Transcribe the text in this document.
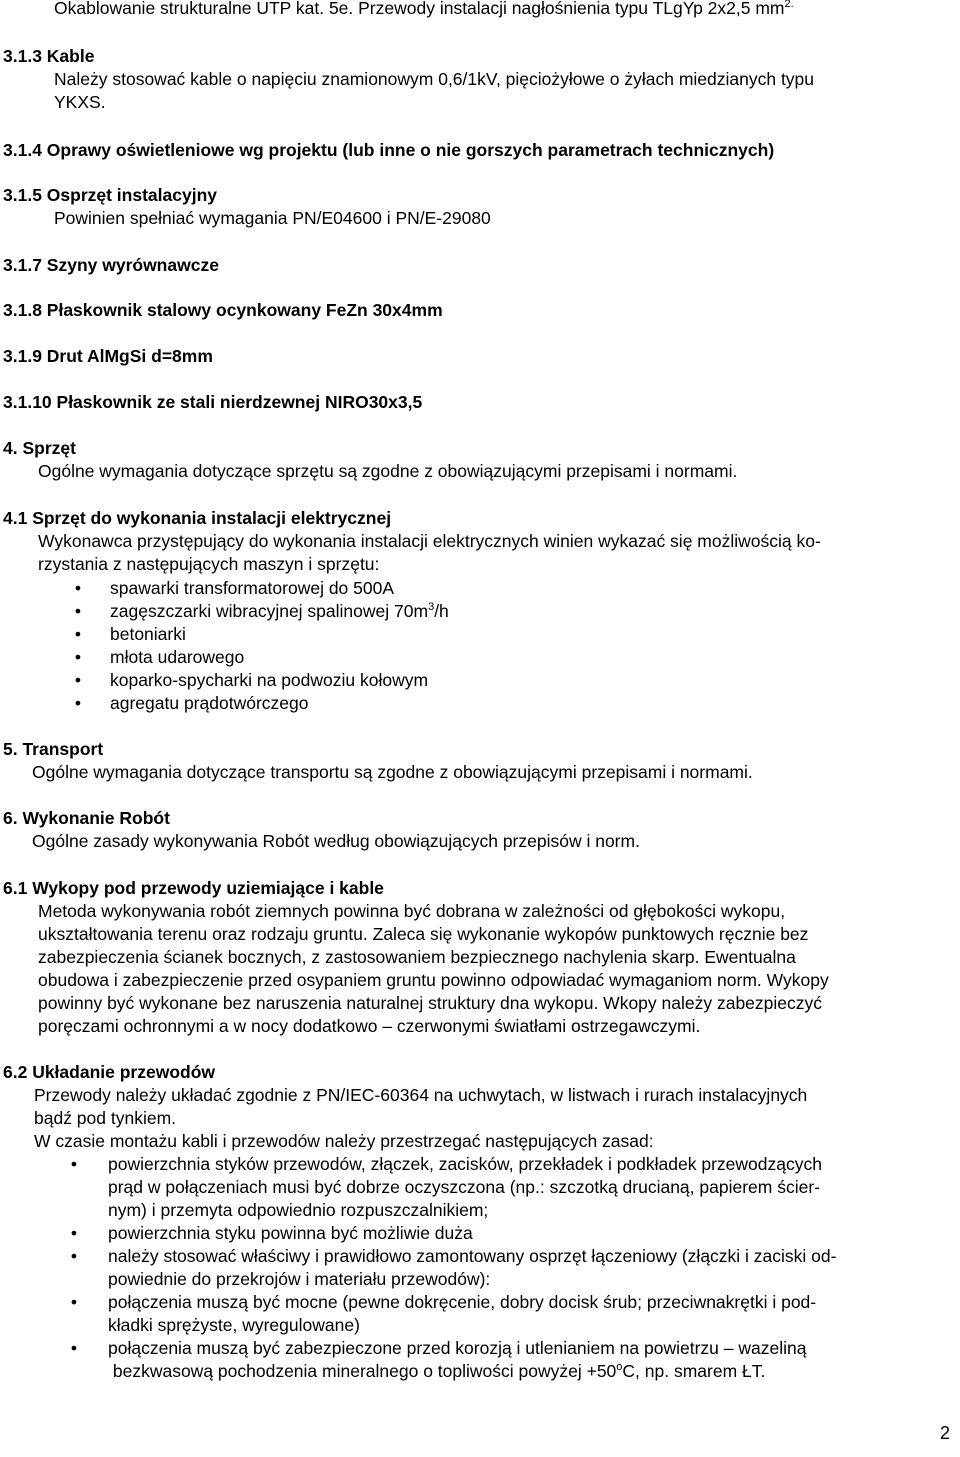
Okablowanie strukturalne UTP kat. 5e. Przewody instalacji nagłośnienia typu TLgYp 2x2,5 $mm^{2.}$
3.1.3 Kable
Należy stosować kable o napięciu znamionowym 0,6/1kV, pięciożyłowe o żyłach miedzianych typu
YKXS.
3.1.4 Oprawy oświetleniowe wg projektu (lub inne o nie gorszych parametrach technicznych)
3.1.5 Osprzęt instalacyjny
Powinien spełniać wymagania PN/E04600 i PN/E-29080
3.1.7 Szyny wyrównawcze
3.1.8 Płaskownik stalowy ocynkowany FeZn 30x4mm
3.1.9 Drut AlMgSi d=8mm
3.1.10 Płaskownik ze stali nierdzewnej NIRO30x3,5
4. Sprzęt
Ogólne wymagania dotyczące sprzętu są zgodne z obowiązującymi przepisami i normami.
4.1 Sprzęt do wykonania instalacji elektrycznej
Wykonawca przystępujący do wykonania instalacji elektrycznych winien wykazać się możliwością ko-
rzystania z następujących maszyn i sprzętu:
•	spawarki transformatorowej do 500A
•	zagęszczarki wibracyjnej spalinowej $70m^3/h$
•	betoniarki
•	młota udarowego
•	koparko-spycharki na podwoziu kołowym
•	agregatu prądotwórczego
5. Transport
Ogólne wymagania dotyczące transportu są zgodne z obowiązującymi przepisami i normami.
6. Wykonanie Robót
Ogólne zasady wykonywania Robót według obowiązujących przepisów i norm.
6.1 Wykopy pod przewody uziemiające i kable
Metoda wykonywania robót ziemnych powinna być dobrana w zależności od głębokości wykopu,
ukształtowania terenu oraz rodzaju gruntu. Zaleca się wykonanie wykopów punktowych ręcznie bez
zabezpieczenia ścianek bocznych, z zastosowaniem bezpiecznego nachylenia skarp. Ewentualna
obudowa i zabezpieczenie przed osypaniem gruntu powinno odpowiadać wymaganiom norm. Wykopy
powinny być wykonane bez naruszenia naturalnej struktury dna wykopu. Wkopy należy zabezpieczyć
poręczami ochronnymi a w nocy dodatkowo – czerwonymi światłami ostrzegawczymi.
6.2 Układanie przewodów
Przewody należy układać zgodnie z PN/IEC-60364 na uchwytach, w listwach i rurach instalacyjnych
bądź pod tynkiem.
W czasie montażu kabli i przewodów należy przestrzegać następujących zasad:
•	powierzchnia styków przewodów, złączek, zacisków, przekładek i podkładek przewodzących
prąd w połączeniach musi być dobrze oczyszczona (np.: szczotką drucianą, papierem ścier-
nym) i przemyta odpowiednio rozpuszczalnikiem;
•	powierzchnia styku powinna być możliwie duża
•	należy stosować właściwy i prawidłowo zamontowany osprzęt łączeniowy (złączki i zaciski od-
powiednie do przekrojów i materiału przewodów):
•	połączenia muszą być mocne (pewne dokręcenie, dobry docisk śrub; przeciwnakrętki i pod-
kładki sprężyste, wyregulowane)
•	połączenia muszą być zabezpieczone przed korozją i utlenianiem na powietrzu – wazeliną
bezkwasową pochodzenia mineralnego o topliwości powyżej $+50^oC$, np. smarem ŁT.
2
